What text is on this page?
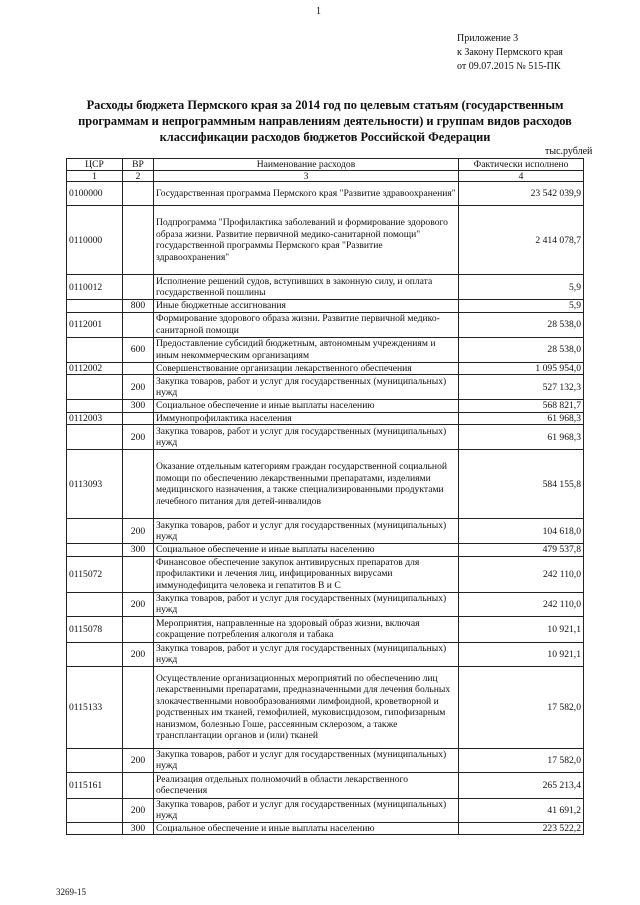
1
Приложение 3
к Закону Пермского края
от 09.07.2015 № 515-ПК
Расходы бюджета Пермского края за 2014 год по целевым статьям (государственным программам и непрограммным направлениям деятельности) и группам видов расходов классификации расходов бюджетов Российской Федерации
тыс.рублей
ЦСР	ВР	Наименование расходов	Фактически исполнено
1	2	3	4
0100000		Государственная программа Пермского края "Развитие здравоохранения"	23 542 039,9
0110000		Подпрограмма "Профилактика заболеваний и формирование здорового образа жизни. Развитие первичной медико-санитарной помощи" государственной программы Пермского края "Развитие здравоохранения"	2 414 078,7
0110012		Исполнение решений судов, вступивших в законную силу, и оплата государственной пошлины	5,9
	800	Иные бюджетные ассигнования	5,9
0112001		Формирование здорового образа жизни. Развитие первичной медико-санитарной помощи	28 538,0
	600	Предоставление субсидий бюджетным, автономным учреждениям и иным некоммерческим организациям	28 538,0
0112002		Совершенствование организации лекарственного обеспечения	1 095 954,0
	200	Закупка товаров, работ и услуг для государственных (муниципальных) нужд	527 132,3
	300	Социальное обеспечение и иные выплаты населению	568 821,7
0112003		Иммунопрофилактика населения	61 968,3
	200	Закупка товаров, работ и услуг для государственных (муниципальных) нужд	61 968,3
0113093		Оказание отдельным категориям граждан государственной социальной помощи по обеспечению лекарственными препаратами, изделиями медицинского назначения, а также специализированными продуктами лечебного питания для детей-инвалидов	584 155,8
	200	Закупка товаров, работ и услуг для государственных (муниципальных) нужд	104 618,0
	300	Социальное обеспечение и иные выплаты населению	479 537,8
0115072		Финансовое обеспечение закупок антивирусных препаратов для профилактики и лечения лиц, инфицированных вирусами иммунодефицита человека и гепатитов В и С	242 110,0
	200	Закупка товаров, работ и услуг для государственных (муниципальных) нужд	242 110,0
0115078		Мероприятия, направленные на здоровый образ жизни, включая сокращение потребления алкоголя и табака	10 921,1
	200	Закупка товаров, работ и услуг для государственных (муниципальных) нужд	10 921,1
0115133		Осуществление организационных мероприятий по обеспечению лиц лекарственными препаратами, предназначенными для лечения больных злокачественными новообразованиями лимфоидной, кроветворной и родственных им тканей, гемофилией, муковисцидозом, гипофизарным нанизмом, болезнью Гоше, рассеянным склерозом, а также трансплантации органов и (или) тканей	17 582,0
	200	Закупка товаров, работ и услуг для государственных (муниципальных) нужд	17 582,0
0115161		Реализация отдельных полномочий в области лекарственного обеспечения	265 213,4
	200	Закупка товаров, работ и услуг для государственных (муниципальных) нужд	41 691,2
	300	Социальное обеспечение и иные выплаты населению	223 522,2
3269-15
